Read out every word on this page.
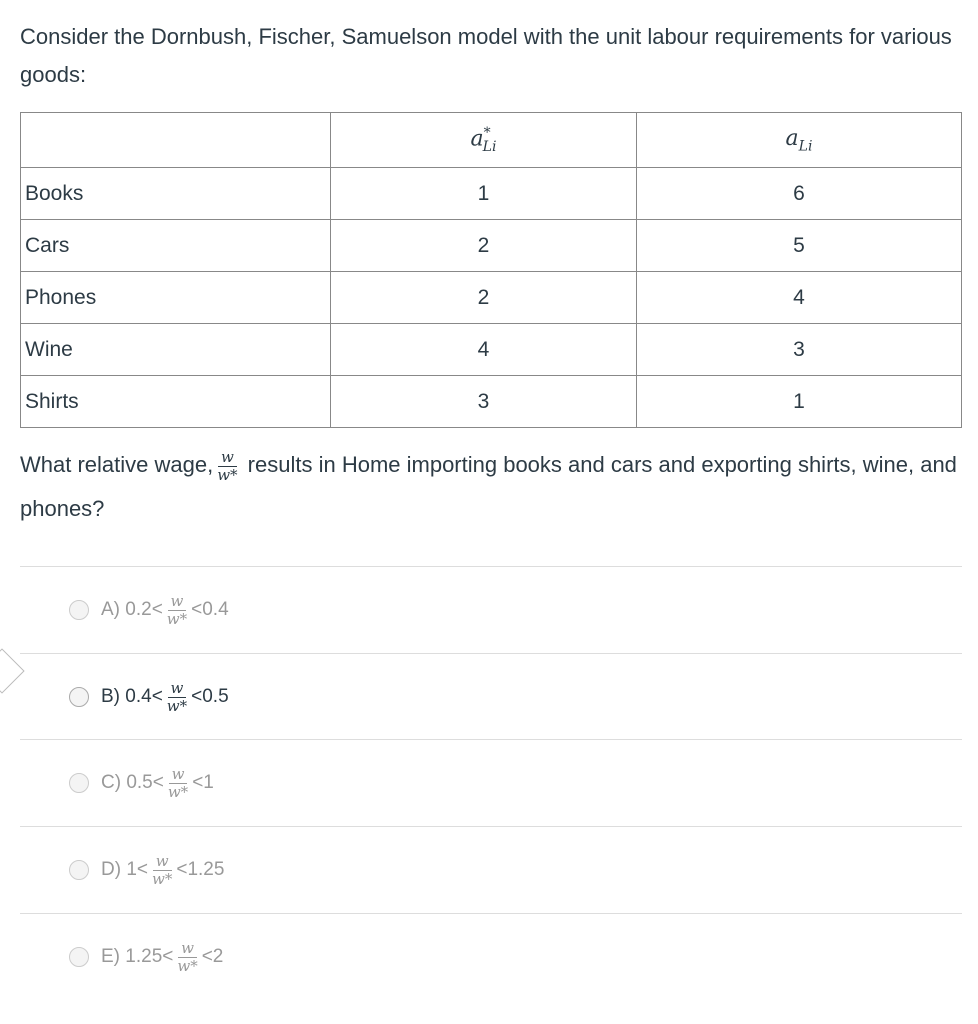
Consider the Dornbush, Fischer, Samuelson model with the unit labour requirements for various goods:
	$a^*_{Li}$	$a_{Li}$
Books	1	6
Cars	2	5
Phones	2	4
Wine	4	3
Shirts	3	1
What relative wage, $\frac{w}{w*}$ results in Home importing books and cars and exporting shirts, wine, and phones?
A) $0.2< \frac{w}{w*} <0.4$
B) $0.4< \frac{w}{w*} <0.5$
C) $0.5< \frac{w}{w*} <1$
D) $1< \frac{w}{w*} <1.25$
E) $1.25< \frac{w}{w*} <2$
